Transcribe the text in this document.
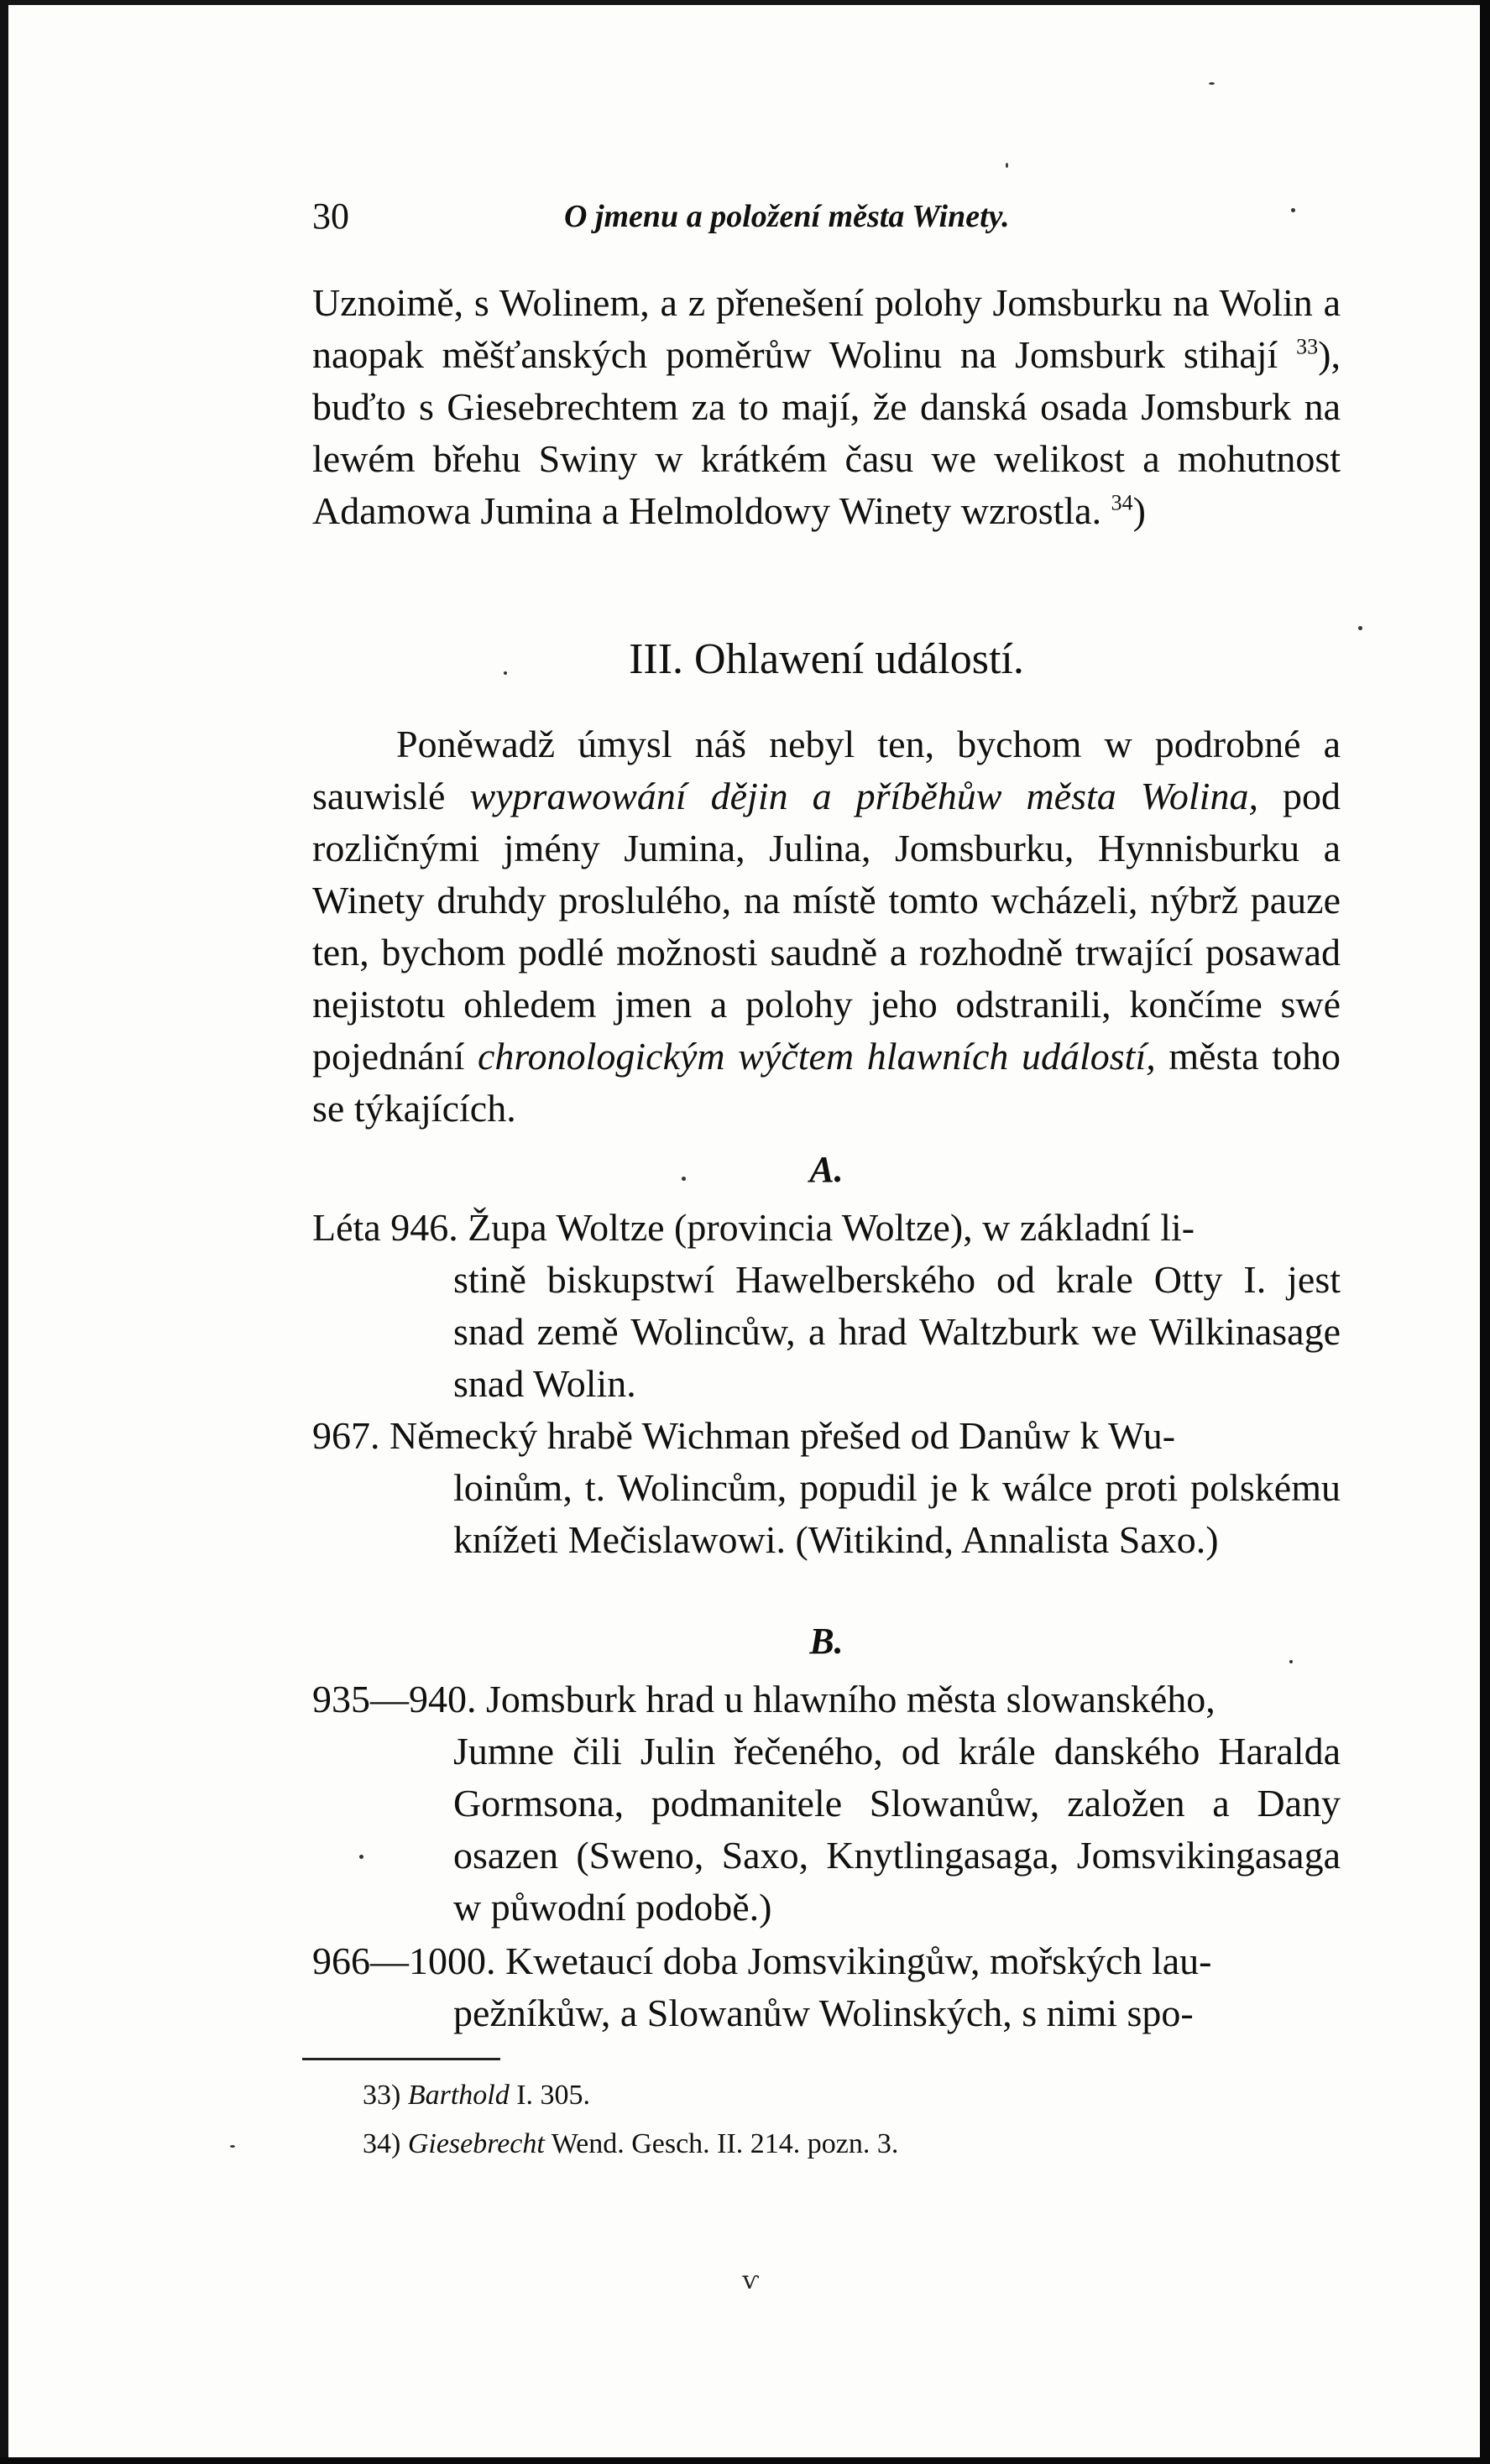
30	O jmenu a položení města Winety.

Uznoimě, s Wolinem, a z přenešení polohy Jomsburku na Wolin a naopak měšťanských poměrůw Wolinu na Jomsburk stihají $^{33}$), buďto s Giesebrechtem za to mají, že danská osada Jomsburk na lewém břehu Swiny w krátkém času we welikost a mohutnost Adamowa Jumina a Helmoldowy Winety wzrostla. $^{34}$)

III. Ohlawení událostí.

Poněwadž úmysl náš nebyl ten, bychom w podrobné a sauwislé wyprawowání dějin a příběhůw města Wolina, pod rozličnými jmény Jumina, Julina, Jomsburku, Hynnisburku a Winety druhdy proslulého, na místě tomto wcházeli, nýbrž pauze ten, bychom podlé možnosti saudně a rozhodně trwající posawad nejistotu ohledem jmen a polohy jeho odstranili, končíme swé pojednání chronologickým wýčtem hlawních událostí, města toho se týkajících.

A.

Léta 946. Župa Woltze (provincia Woltze), w základní li-

stině biskupstwí Hawelberského od krale Otty I. jest snad země Wolincůw, a hrad Waltzburk we Wilkinasage snad Wolin.

967. Německý hrabě Wichman přešed od Danůw k Wu-

loinům, t. Wolincům, popudil je k wálce proti polskému knížeti Mečislawowi. (Witikind, Annalista Saxo.)

B.

935—940. Jomsburk hrad u hlawního města slowanského,

Jumne čili Julin řečeného, od krále danského Haralda Gormsona, podmanitele Slowanůw, založen a Dany osazen (Sweno, Saxo, Knytlingasaga, Jomsvikingasaga w půwodní podobě.)

966—1000. Kwetaucí doba Jomsvikingůw, mořských lau-

pežníkůw, a Slowanůw Wolinských, s nimi spo-

33) Barthold I. 305.

34) Giesebrecht Wend. Gesch. II. 214. pozn. 3.

ѵ
